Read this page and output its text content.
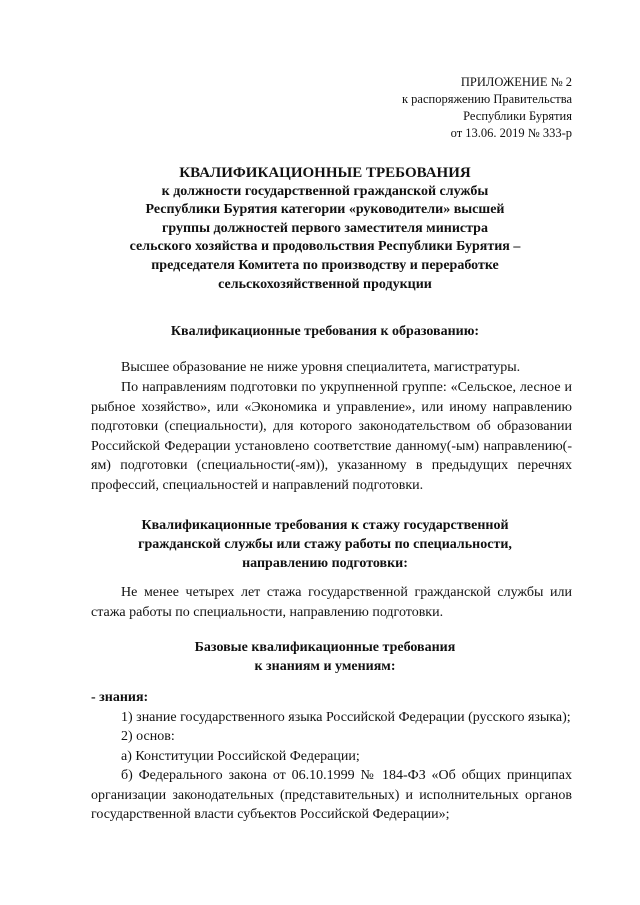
ПРИЛОЖЕНИЕ № 2
к распоряжению Правительства
Республики Бурятия
от 13.06. 2019 № 333-р
КВАЛИФИКАЦИОННЫЕ ТРЕБОВАНИЯ
к должности государственной гражданской службы
Республики Бурятия категории «руководители» высшей
группы должностей первого заместителя министра
сельского хозяйства и продовольствия Республики Бурятия –
председателя Комитета по производству и переработке
сельскохозяйственной продукции
Квалификационные требования к образованию:
Высшее образование не ниже уровня специалитета, магистратуры.
По направлениям подготовки по укрупненной группе: «Сельское, лесное и рыбное хозяйство», или «Экономика и управление», или иному направлению подготовки (специальности), для которого законодательством об образовании Российской Федерации установлено соответствие данному(-ым) направлению(-ям) подготовки (специальности(-ям)), указанному в предыдущих перечнях профессий, специальностей и направлений подготовки.
Квалификационные требования к стажу государственной
гражданской службы или стажу работы по специальности,
направлению подготовки:
Не менее четырех лет стажа государственной гражданской службы или стажа работы по специальности, направлению подготовки.
Базовые квалификационные требования
к знаниям и умениям:
- знания:
1) знание государственного языка Российской Федерации (русского языка);
2) основ:
а) Конституции Российской Федерации;
б) Федерального закона от 06.10.1999 № 184-ФЗ «Об общих принципах организации законодательных (представительных) и исполнительных органов государственной власти субъектов Российской Федерации»;
